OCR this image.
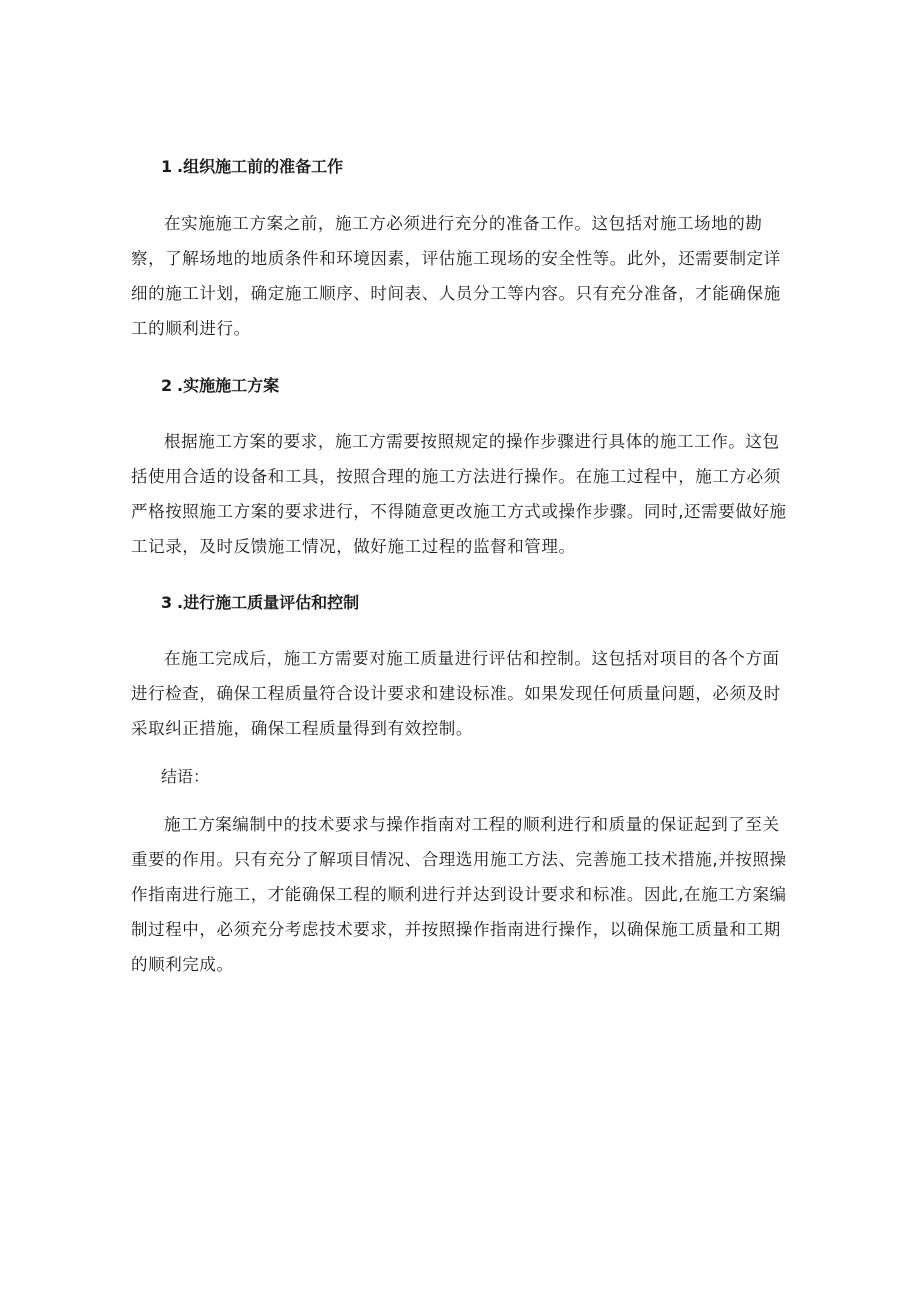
1 .组织施工前的准备工作

在实施施工方案之前，施工方必须进行充分的准备工作。这包括对施工场地的勘察，了解场地的地质条件和环境因素，评估施工现场的安全性等。此外，还需要制定详细的施工计划，确定施工顺序、时间表、人员分工等内容。只有充分准备，才能确保施工的顺利进行。

2 .实施施工方案

根据施工方案的要求，施工方需要按照规定的操作步骤进行具体的施工工作。这包括使用合适的设备和工具，按照合理的施工方法进行操作。在施工过程中，施工方必须严格按照施工方案的要求进行，不得随意更改施工方式或操作步骤。同时,还需要做好施工记录，及时反馈施工情况，做好施工过程的监督和管理。

3 .进行施工质量评估和控制

在施工完成后，施工方需要对施工质量进行评估和控制。这包括对项目的各个方面进行检查，确保工程质量符合设计要求和建设标准。如果发现任何质量问题，必须及时采取纠正措施，确保工程质量得到有效控制。

结语：

施工方案编制中的技术要求与操作指南对工程的顺利进行和质量的保证起到了至关重要的作用。只有充分了解项目情况、合理选用施工方法、完善施工技术措施,并按照操作指南进行施工，才能确保工程的顺利进行并达到设计要求和标准。因此,在施工方案编制过程中，必须充分考虑技术要求，并按照操作指南进行操作，以确保施工质量和工期的顺利完成。
